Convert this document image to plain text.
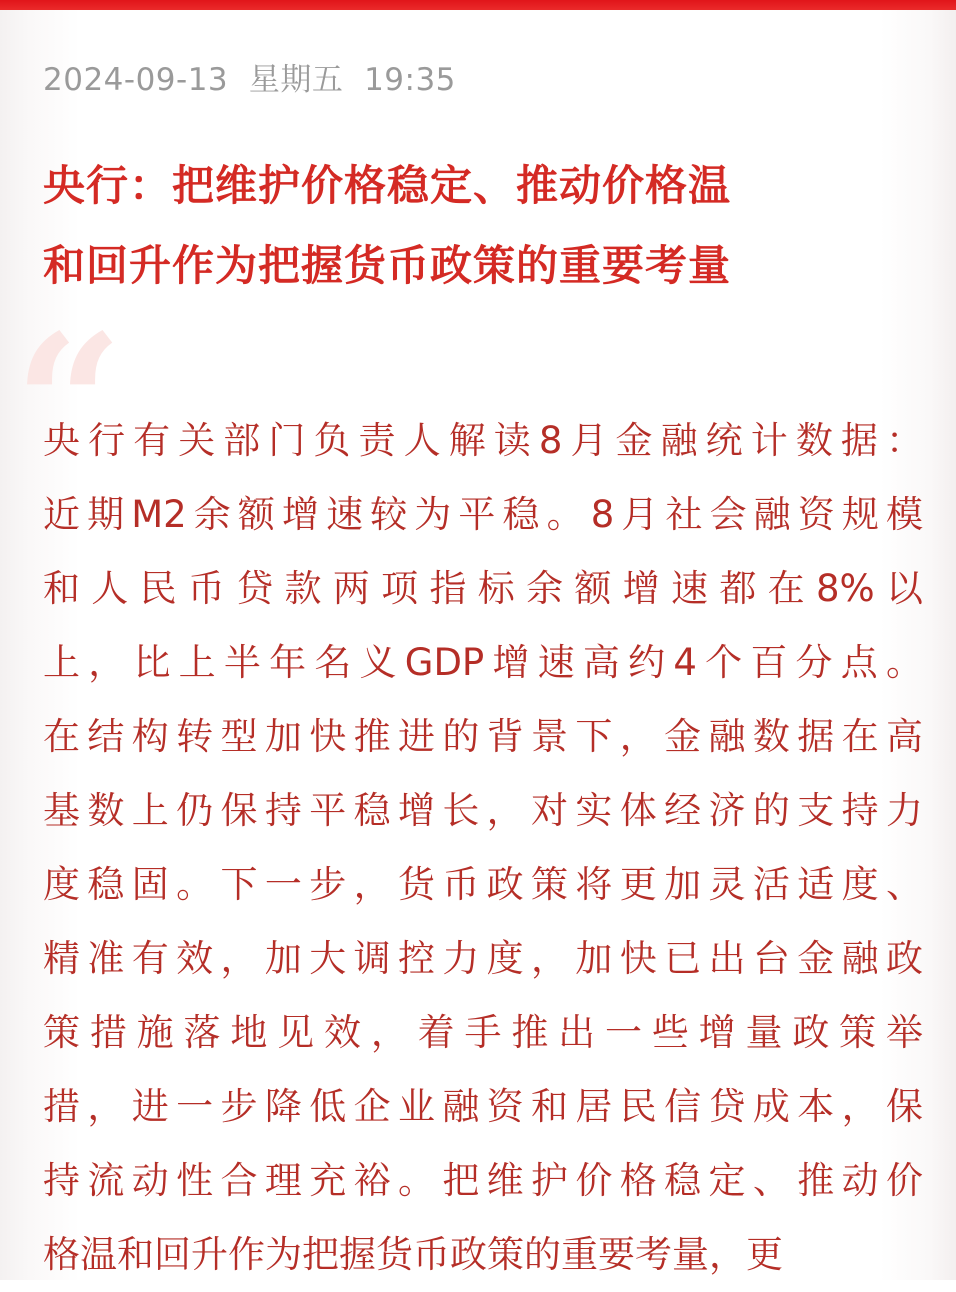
2024-09-13  星期五  19:35

央行：把维护价格稳定、推动价格温
和回升作为把握货币政策的重要考量
“
央行有关部门负责人解读8月金融统计数据：
近期M2余额增速较为平稳。8月社会融资规模
和人民币贷款两项指标余额增速都在8%以
上，比上半年名义GDP增速高约4个百分点。
在结构转型加快推进的背景下，金融数据在高
基数上仍保持平稳增长，对实体经济的支持力
度稳固。下一步，货币政策将更加灵活适度、
精准有效，加大调控力度，加快已出台金融政
策措施落地见效，着手推出一些增量政策举
措，进一步降低企业融资和居民信贷成本，保
持流动性合理充裕。把维护价格稳定、推动价
格温和回升作为把握货币政策的重要考量，更
